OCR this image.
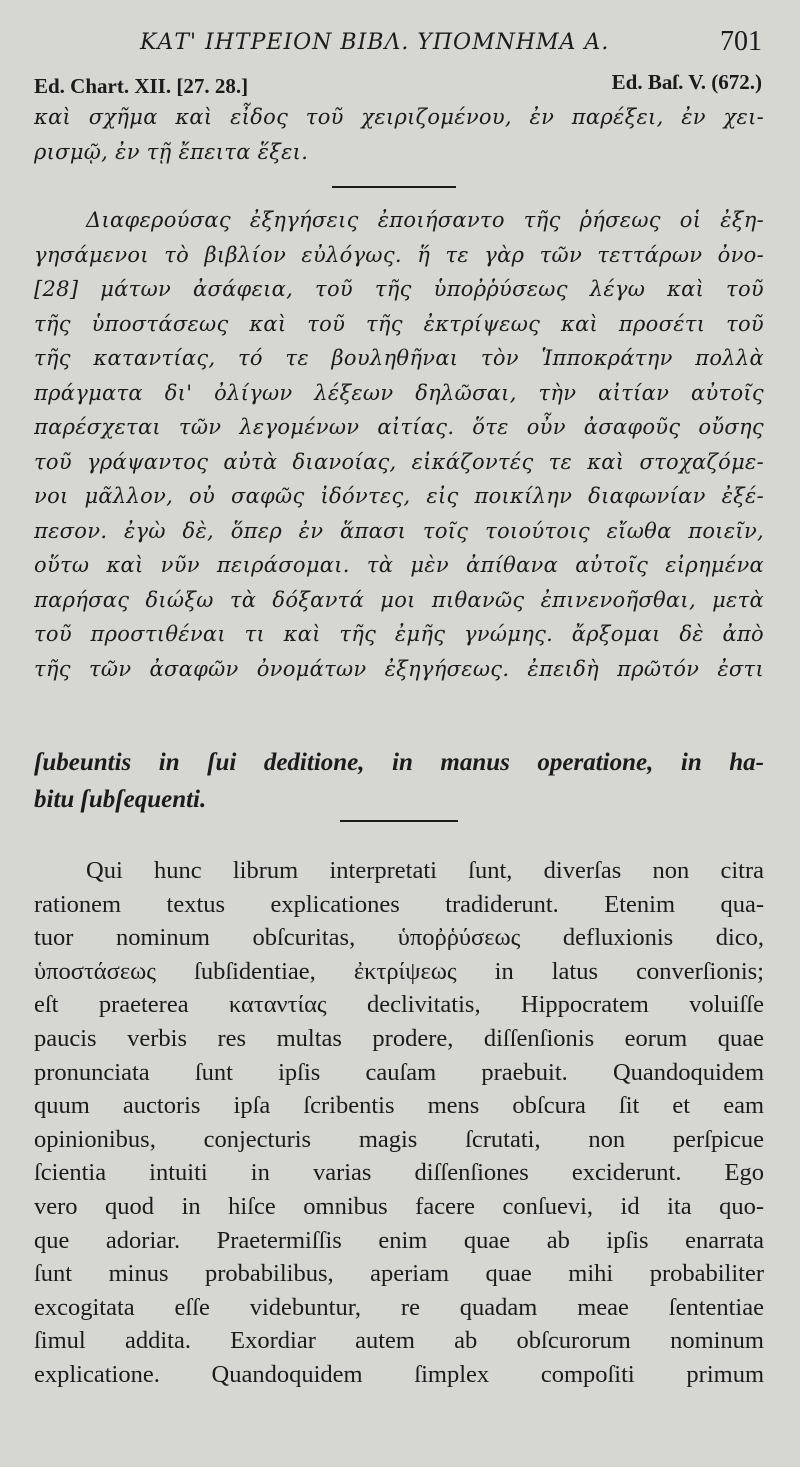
ΚΑΤ' ΙΗΤΡΕΙΟΝ ΒΙΒΛ. ΥΠΟΜΝΗΜΑ Α.	701
Ed. Chart. XII. [27. 28.]	Ed. Baſ. V. (672.)
καὶ σχῆμα καὶ εἶδος τοῦ χειριζομένου, ἐν παρέξει, ἐν χει-
ρισμῷ, ἐν τῇ ἔπειτα ἕξει.
Διαφερούσας ἐξηγήσεις ἐποιήσαντο τῆς ῥήσεως οἱ ἐξη-
γησάμενοι τὸ βιβλίον εὐλόγως. ἥ τε γὰρ τῶν τεττάρων ὀνο-
[28] μάτων ἀσάφεια, τοῦ τῆς ὑποῤῥύσεως λέγω καὶ τοῦ
τῆς ὑποστάσεως καὶ τοῦ τῆς ἐκτρίψεως καὶ προσέτι τοῦ
τῆς καταντίας, τό τε βουληθῆναι τὸν Ἱπποκράτην πολλὰ
πράγματα δι' ὀλίγων λέξεων δηλῶσαι, τὴν αἰτίαν αὐτοῖς
παρέσχεται τῶν λεγομένων αἰτίας. ὅτε οὖν ἀσαφοῦς οὔσης
τοῦ γράψαντος αὐτὰ διανοίας, εἰκάζοντές τε καὶ στοχαζόμε-
νοι μᾶλλον, οὐ σαφῶς ἰδόντες, εἰς ποικίλην διαφωνίαν ἐξέ-
πεσον. ἐγὼ δὲ, ὅπερ ἐν ἅπασι τοῖς τοιούτοις εἴωθα ποιεῖν,
οὕτω καὶ νῦν πειράσομαι. τὰ μὲν ἀπίθανα αὐτοῖς εἰρημένα
παρήσας διώξω τὰ δόξαντά μοι πιθανῶς ἐπινενοῆσθαι, μετὰ
τοῦ προστιθέναι τι καὶ τῆς ἐμῆς γνώμης. ἄρξομαι δὲ ἀπὸ
τῆς τῶν ἀσαφῶν ὀνομάτων ἐξηγήσεως. ἐπειδὴ πρῶτόν ἐστι
ſubeuntis in ſui deditione, in manus operatione, in ha-
bitu ſubſequenti.
Qui hunc librum interpretati ſunt, diverſas non citra
rationem textus explicationes tradiderunt. Etenim qua-
tuor nominum obſcuritas, ὑποῤῥύσεως defluxionis dico,
ὑποστάσεως ſubſidentiae, ἐκτρίψεως in latus converſionis;
eſt praeterea καταντίας declivitatis, Hippocratem voluiſſe
paucis verbis res multas prodere, diſſenſionis eorum quae
pronunciata ſunt ipſis cauſam praebuit. Quandoquidem
quum auctoris ipſa ſcribentis mens obſcura ſit et eam
opinionibus, conjecturis magis ſcrutati, non perſpicue
ſcientia intuiti in varias diſſenſiones exciderunt. Ego
vero quod in hiſce omnibus facere conſuevi, id ita quo-
que adoriar. Praetermiſſis enim quae ab ipſis enarrata
ſunt minus probabilibus, aperiam quae mihi probabiliter
excogitata eſſe videbuntur, re quadam meae ſententiae
ſimul addita. Exordiar autem ab obſcurorum nominum
explicatione. Quandoquidem ſimplex compoſiti primum
